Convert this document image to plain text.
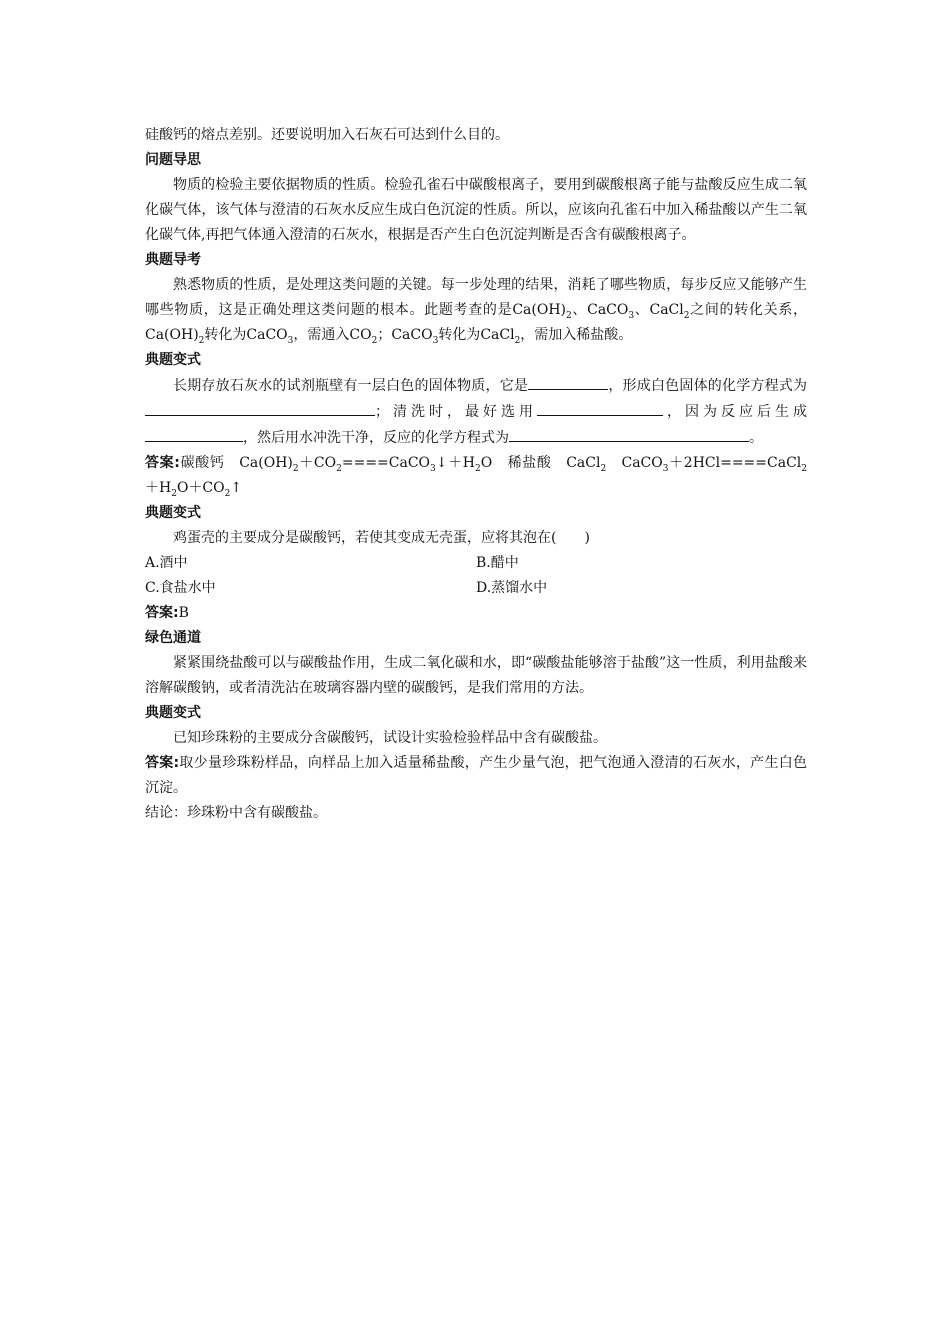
硅酸钙的熔点差别。还要说明加入石灰石可达到什么目的。

问题导思

物质的检验主要依据物质的性质。检验孔雀石中碳酸根离子，要用到碳酸根离子能与盐酸反应生成二氧化碳气体，该气体与澄清的石灰水反应生成白色沉淀的性质。所以，应该向孔雀石中加入稀盐酸以产生二氧化碳气体,再把气体通入澄清的石灰水，根据是否产生白色沉淀判断是否含有碳酸根离子。

典题导考

熟悉物质的性质，是处理这类问题的关键。每一步处理的结果，消耗了哪些物质，每步反应又能够产生哪些物质，这是正确处理这类问题的根本。此题考查的是$Ca(OH)_2$、CaCO$_3$、CaCl$_2$之间的转化关系，$Ca(OH)_2$转化为CaCO$_3$，需通入$CO_2$；CaCO$_3$转化为CaCl$_2$，需加入稀盐酸。

典题变式

长期存放石灰水的试剂瓶壁有一层白色的固体物质，它是	，形成白色固体的化学方程式为；清洗时，最好选用	，因为反应后生成，然后用水冲洗干净，反应的化学方程式为	。

答案:碳酸钙　 $Ca(OH)_2+CO_2====CaCO_3↓+H_2O$　 稀盐酸　 CaCl$_2$　 $CaCO_3+2HCl====CaCl_2+H_2O+CO_2↑$

典题变式

鸡蛋壳的主要成分是碳酸钙，若使其变成无壳蛋，应将其泡在(　　)

A.酒中	B.醋中

C.食盐水中	D.蒸馏水中

答案:B

绿色通道

紧紧围绕盐酸可以与碳酸盐作用，生成二氧化碳和水，即“碳酸盐能够溶于盐酸”这一性质，利用盐酸来溶解碳酸钠，或者清洗沾在玻璃容器内壁的碳酸钙，是我们常用的方法。

典题变式

已知珍珠粉的主要成分含碳酸钙，试设计实验检验样品中含有碳酸盐。

答案:取少量珍珠粉样品，向样品上加入适量稀盐酸，产生少量气泡，把气泡通入澄清的石灰水，产生白色沉淀。

结论：珍珠粉中含有碳酸盐。
